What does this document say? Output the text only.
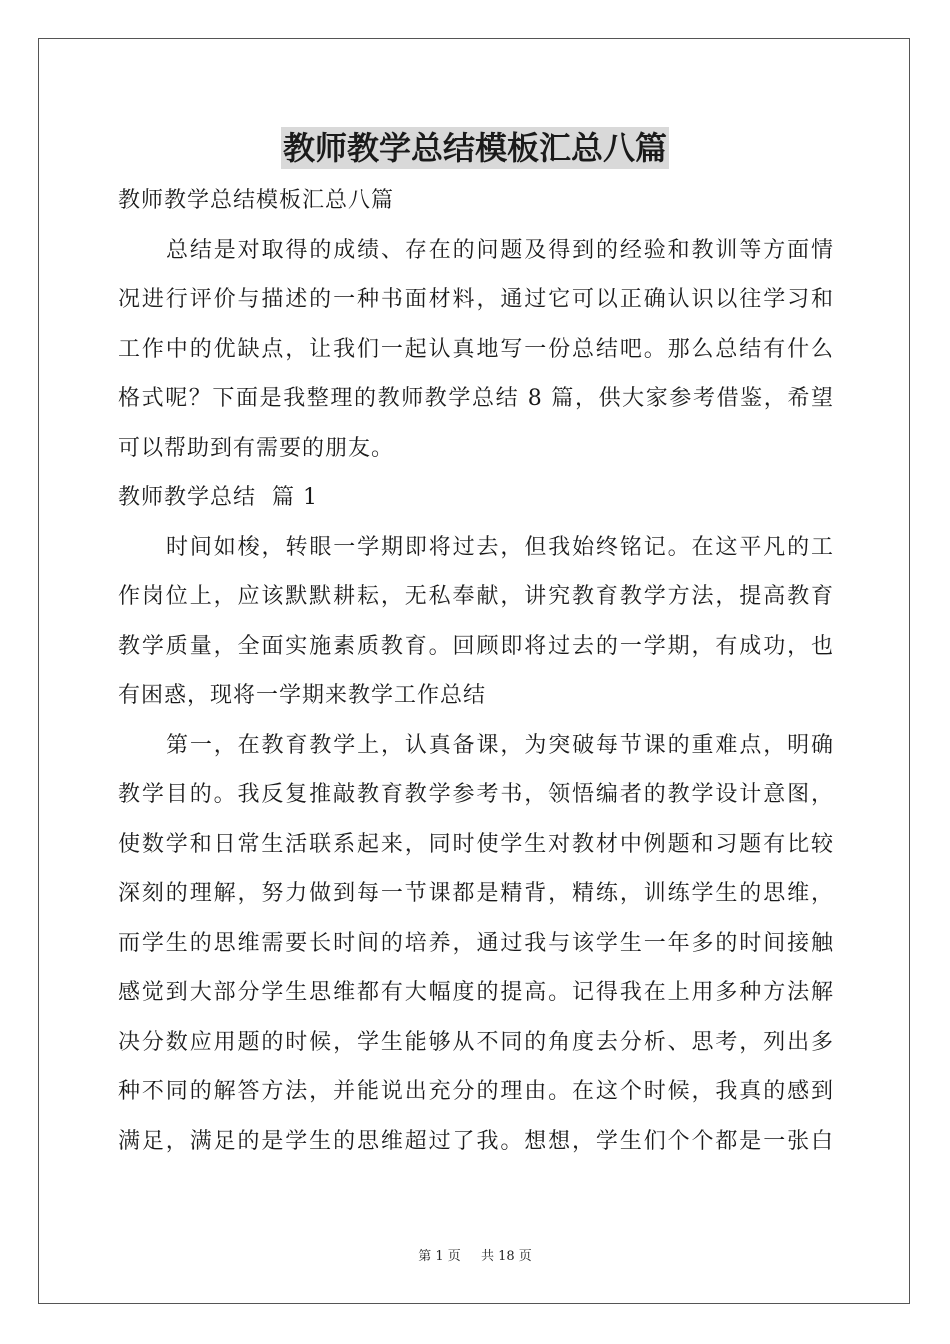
教师教学总结模板汇总八篇
教师教学总结模板汇总八篇
总结是对取得的成绩、存在的问题及得到的经验和教训等方面情
况进行评价与描述的一种书面材料，通过它可以正确认识以往学习和
工作中的优缺点，让我们一起认真地写一份总结吧。那么总结有什么
格式呢？下面是我整理的教师教学总结 8 篇，供大家参考借鉴，希望
可以帮助到有需要的朋友。
教师教学总结  篇 1
时间如梭，转眼一学期即将过去，但我始终铭记。在这平凡的工
作岗位上，应该默默耕耘，无私奉献，讲究教育教学方法，提高教育
教学质量，全面实施素质教育。回顾即将过去的一学期，有成功，也
有困惑，现将一学期来教学工作总结
第一，在教育教学上，认真备课，为突破每节课的重难点，明确
教学目的。我反复推敲教育教学参考书，领悟编者的教学设计意图，
使数学和日常生活联系起来，同时使学生对教材中例题和习题有比较
深刻的理解，努力做到每一节课都是精背，精练，训练学生的思维，
而学生的思维需要长时间的培养，通过我与该学生一年多的时间接触
感觉到大部分学生思维都有大幅度的提高。记得我在上用多种方法解
决分数应用题的时候，学生能够从不同的角度去分析、思考，列出多
种不同的解答方法，并能说出充分的理由。在这个时候，我真的感到
满足，满足的是学生的思维超过了我。想想，学生们个个都是一张白
第 1 页 共 18 页
